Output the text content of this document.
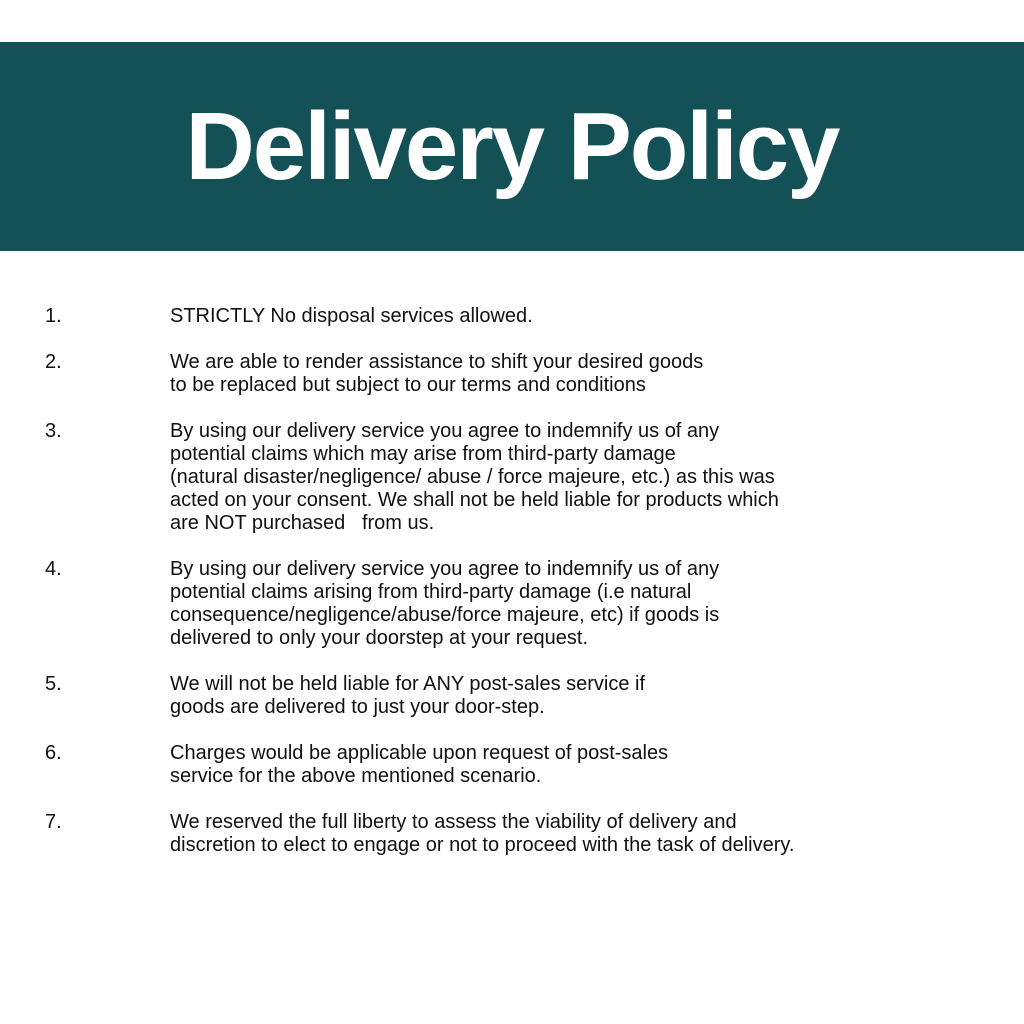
Delivery Policy
1.	STRICTLY No disposal services allowed.
2.	We are able to render assistance to shift your desired goods
to be replaced but subject to our terms and conditions
3.	By using our delivery service you agree to indemnify us of any
potential claims which may arise from third-party damage
(natural disaster/negligence/ abuse / force majeure, etc.) as this was
acted on your consent. We shall not be held liable for products which
are NOT purchased   from us.
4.	By using our delivery service you agree to indemnify us of any
potential claims arising from third-party damage (i.e natural
consequence/negligence/abuse/force majeure, etc) if goods is
delivered to only your doorstep at your request.
5.	We will not be held liable for ANY post-sales service if
goods are delivered to just your door-step.
6.	Charges would be applicable upon request of post-sales
service for the above mentioned scenario.
7.	We reserved the full liberty to assess the viability of delivery and
discretion to elect to engage or not to proceed with the task of delivery.
